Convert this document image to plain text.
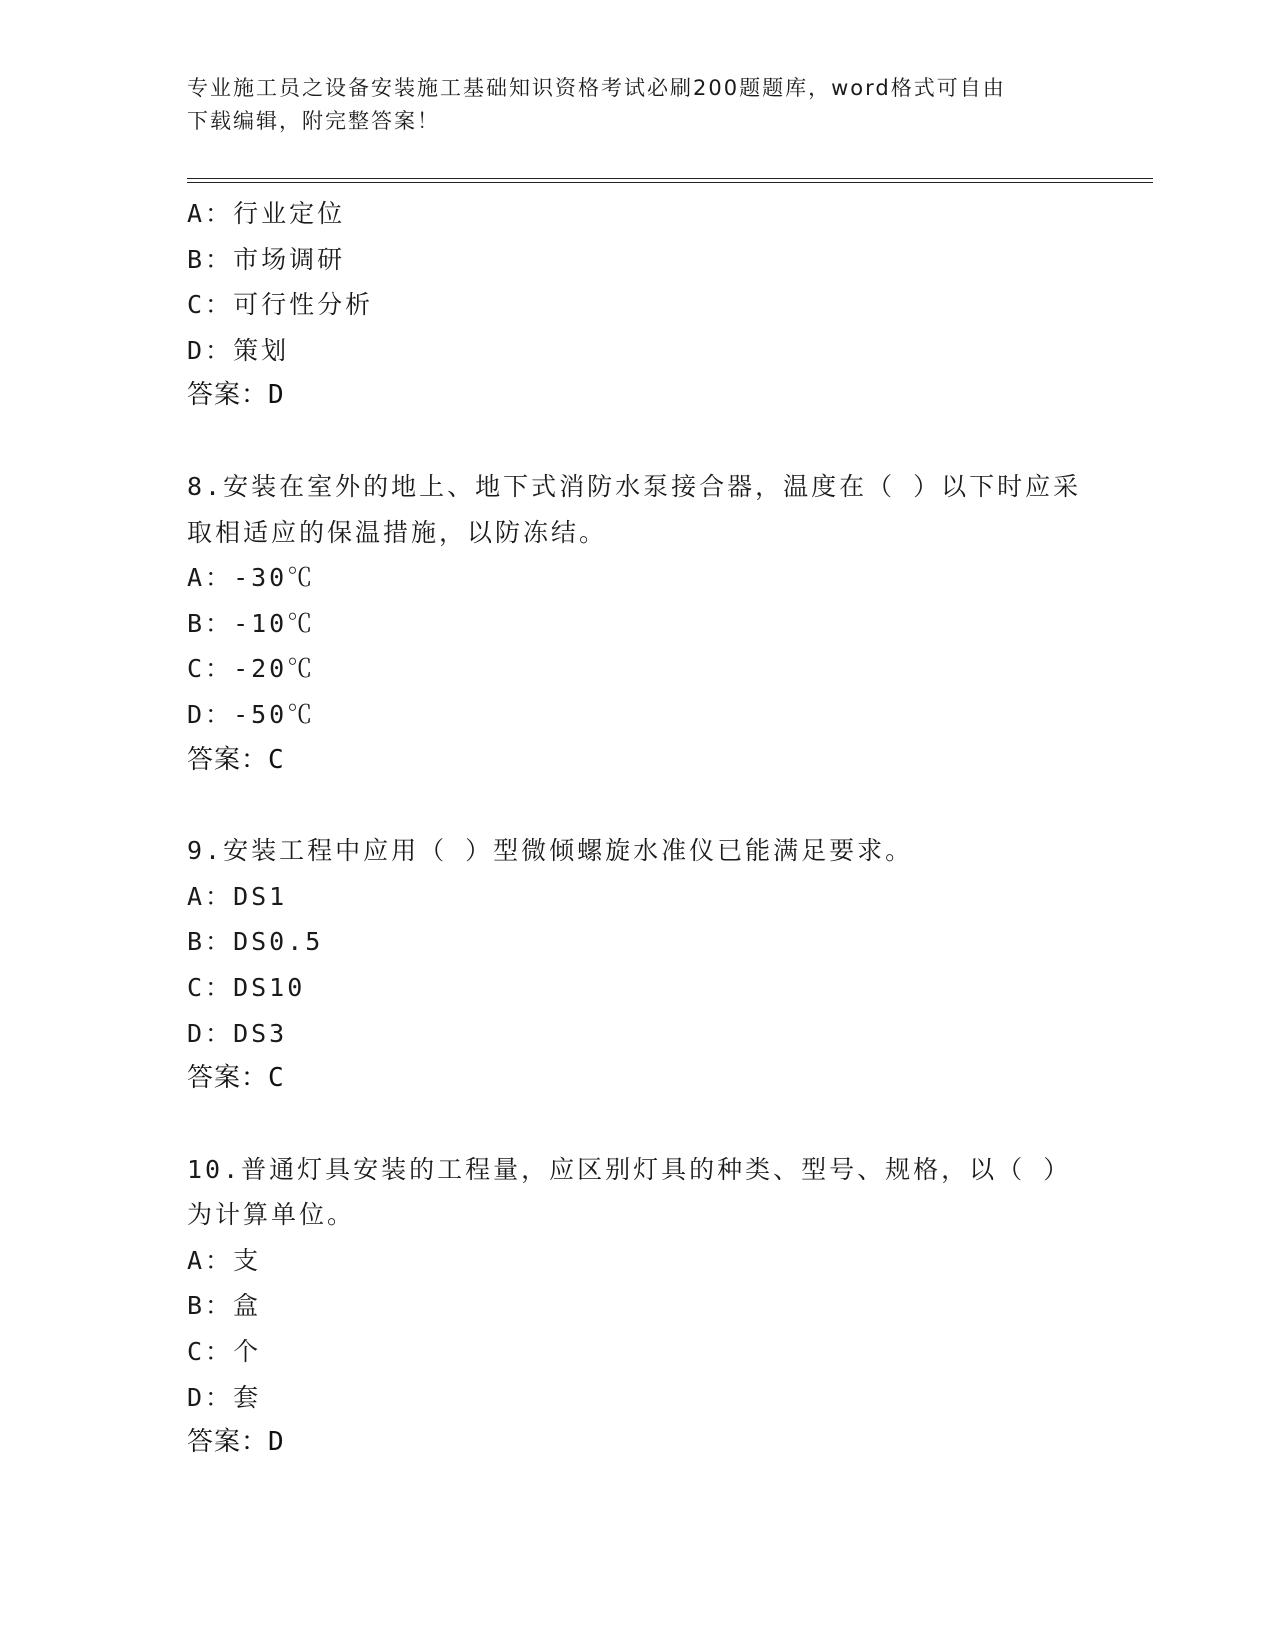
专业施工员之设备安装施工基础知识资格考试必刷200题题库，word格式可自由
下载编辑，附完整答案！
A：行业定位
B：市场调研
C：可行性分析
D：策划
答案：D
8.安装在室外的地上、地下式消防水泵接合器，温度在（ ）以下时应采取相适应的保温措施，以防冻结。
A：-30℃
B：-10℃
C：-20℃
D：-50℃
答案：C
9.安装工程中应用（ ）型微倾螺旋水准仪已能满足要求。
A：DS1
B：DS0.5
C：DS10
D：DS3
答案：C
10.普通灯具安装的工程量，应区别灯具的种类、型号、规格，以（ ）为计算单位。
A：支
B：盒
C：个
D：套
答案：D
